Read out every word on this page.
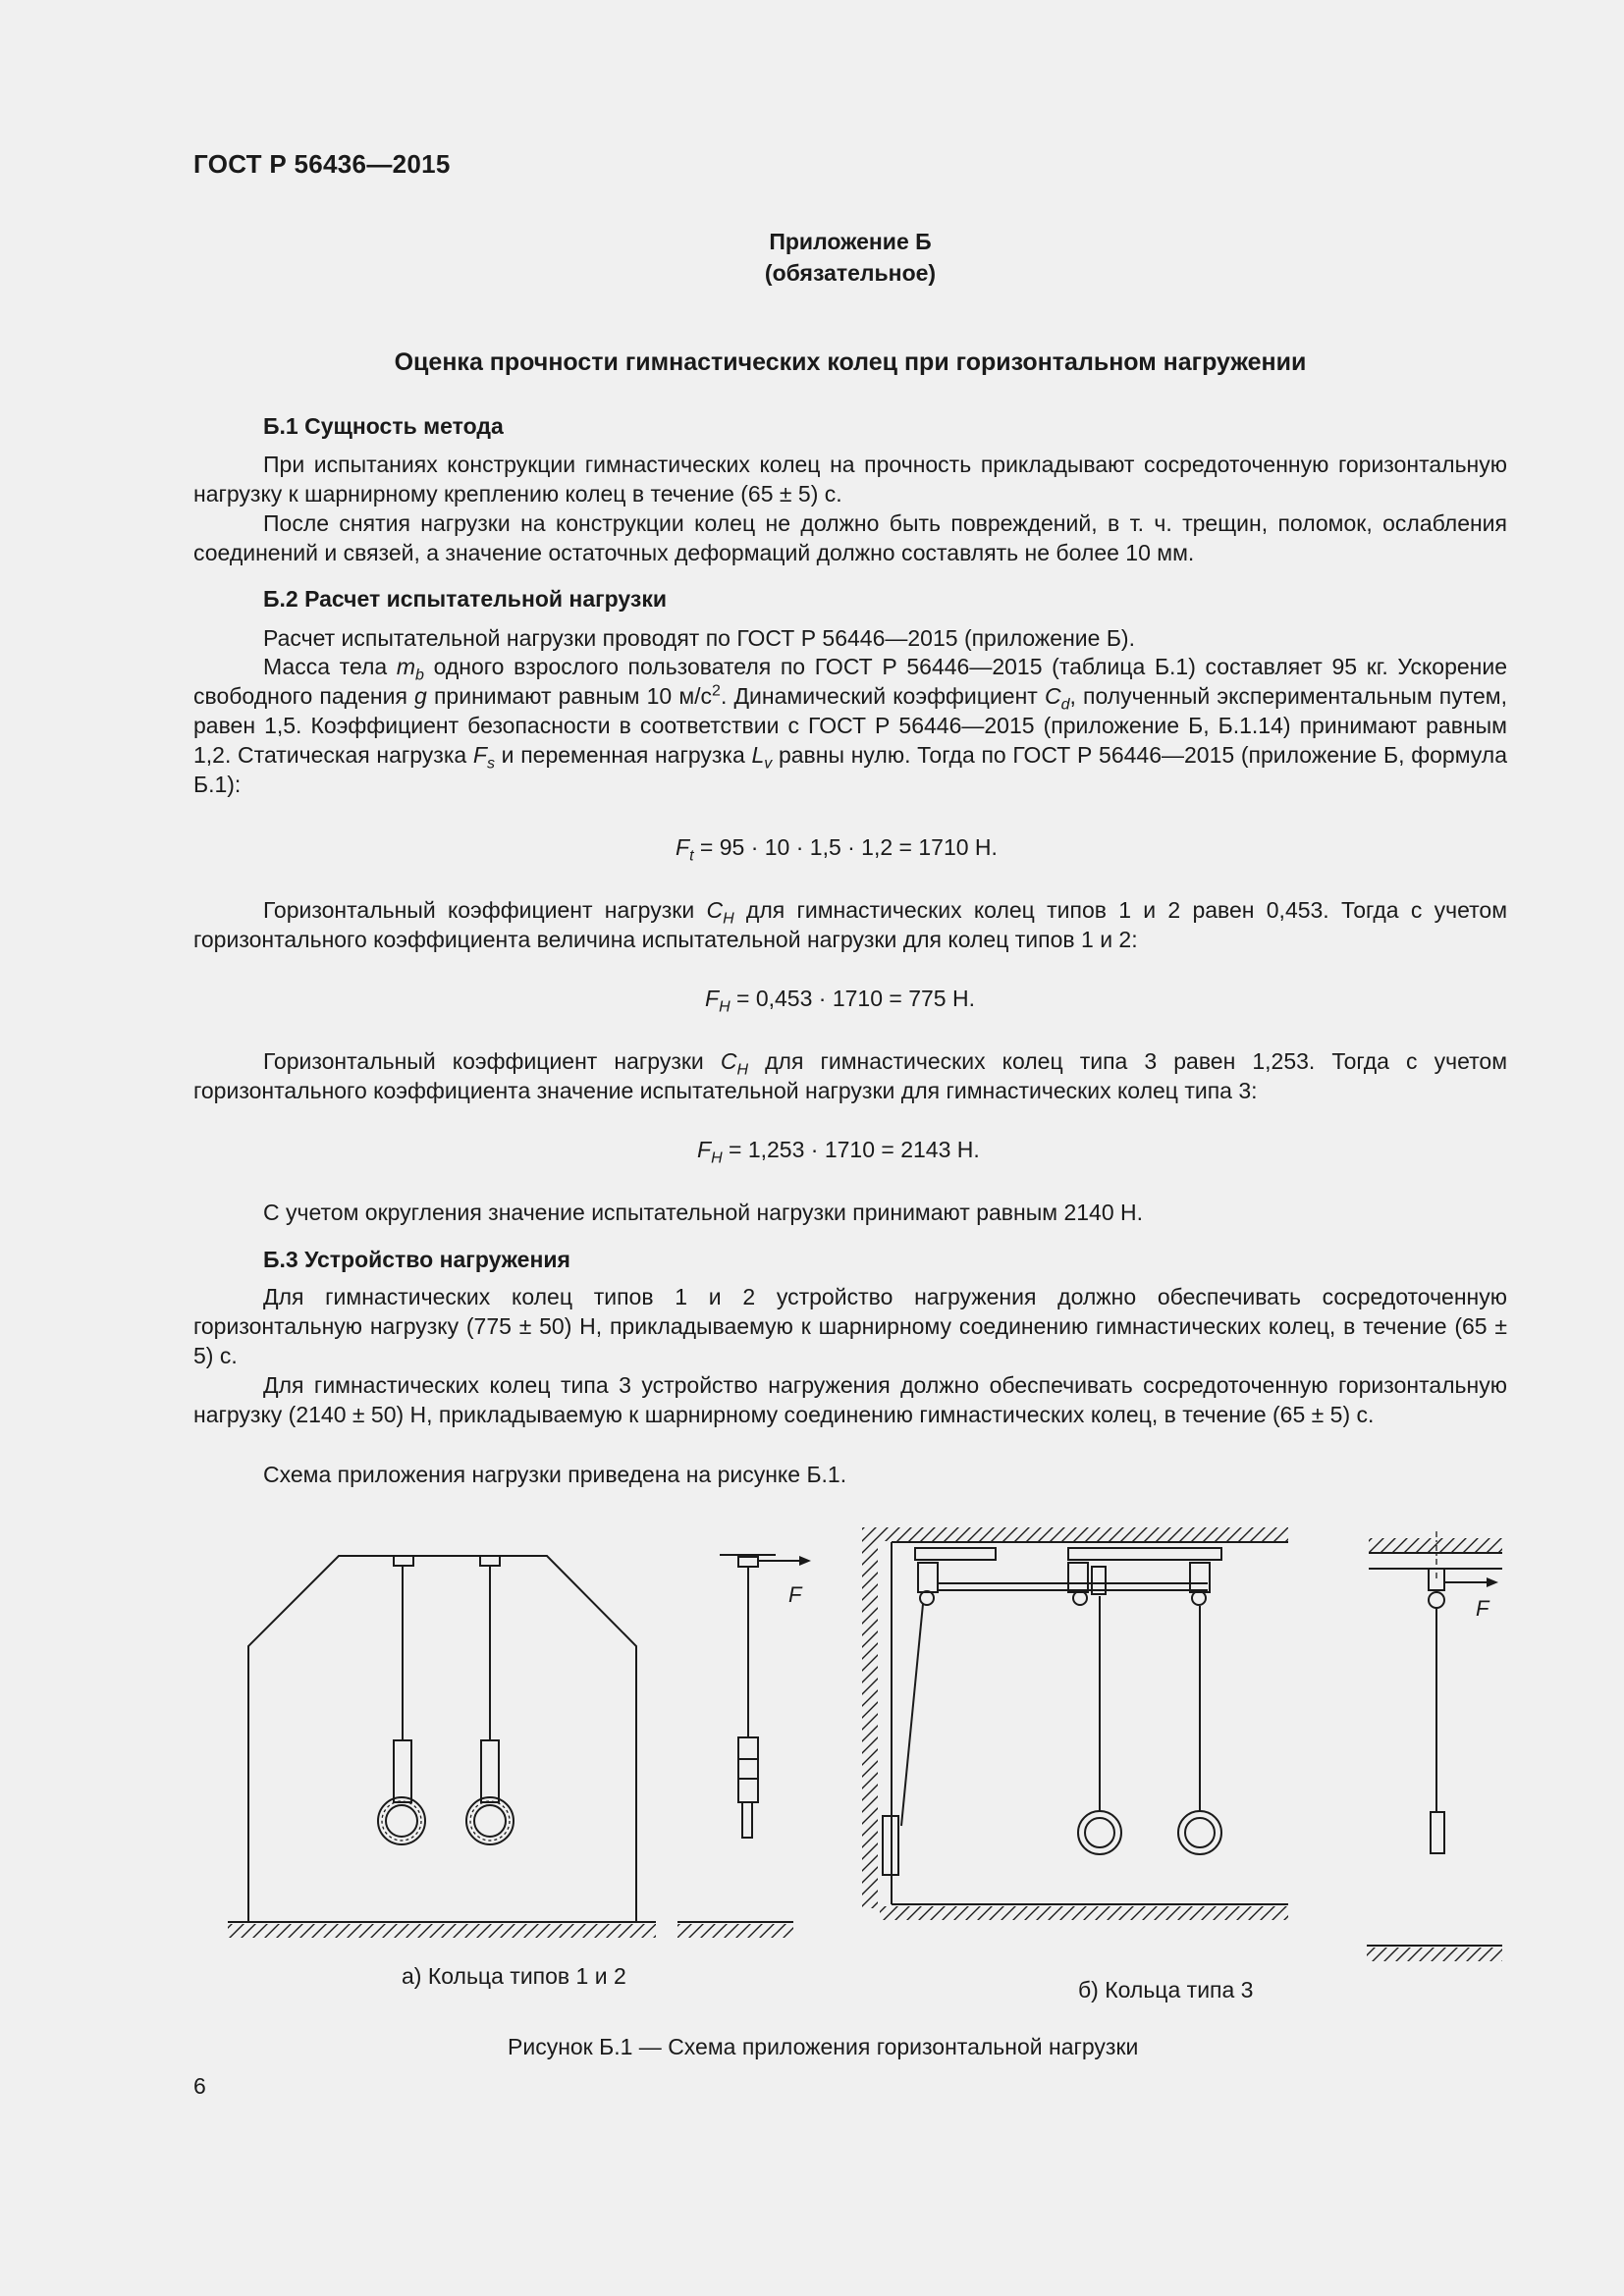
ГОСТ Р 56436—2015
Приложение Б
(обязательное)
Оценка прочности гимнастических колец при горизонтальном нагружении
Б.1 Сущность метода
При испытаниях конструкции гимнастических колец на прочность прикладывают сосредоточенную горизонтальную нагрузку к шарнирному креплению колец в течение (65 ± 5) с.
После снятия нагрузки на конструкции колец не должно быть повреждений, в т. ч. трещин, поломок, ослабления соединений и связей, а значение остаточных деформаций должно составлять не более 10 мм.
Б.2 Расчет испытательной нагрузки
Расчет испытательной нагрузки проводят по ГОСТ Р 56446—2015 (приложение Б).
Масса тела $m_b$ одного взрослого пользователя по ГОСТ Р 56446—2015 (таблица Б.1) составляет 95 кг. Ускорение свободного падения g принимают равным 10 $м/с^2$. Динамический коэффициент $C_d$, полученный экспериментальным путем, равен 1,5. Коэффициент безопасности в соответствии с ГОСТ Р 56446—2015 (приложение Б, Б.1.14) принимают равным 1,2. Статическая нагрузка $F_s$ и переменная нагрузка $L_v$ равны нулю. Тогда по ГОСТ Р 56446—2015 (приложение Б, формула Б.1):
$F_t = 95 \cdot 10 \cdot 1,5 \cdot 1,2 = 1710$ Н.
Горизонтальный коэффициент нагрузки $C_H$ для гимнастических колец типов 1 и 2 равен 0,453. Тогда с учетом горизонтального коэффициента величина испытательной нагрузки для колец типов 1 и 2:
$F_H = 0,453 \cdot 1710 = 775$ Н.
Горизонтальный коэффициент нагрузки $C_H$ для гимнастических колец типа 3 равен 1,253. Тогда с учетом горизонтального коэффициента значение испытательной нагрузки для гимнастических колец типа 3:
$F_H = 1,253 \cdot 1710 = 2143$ Н.
С учетом округления значение испытательной нагрузки принимают равным 2140 Н.
Б.3 Устройство нагружения
Для гимнастических колец типов 1 и 2 устройство нагружения должно обеспечивать сосредоточенную горизонтальную нагрузку (775 ± 50) Н, прикладываемую к шарнирному соединению гимнастических колец, в течение (65 ± 5) с.
Для гимнастических колец типа 3 устройство нагружения должно обеспечивать сосредоточенную горизонтальную нагрузку (2140 ± 50) Н, прикладываемую к шарнирному соединению гимнастических колец, в течение (65 ± 5) с.
Схема приложения нагрузки приведена на рисунке Б.1.
F
F
а) Кольца типов 1 и 2
б) Кольца типа 3
Рисунок Б.1 — Схема приложения горизонтальной нагрузки
6
